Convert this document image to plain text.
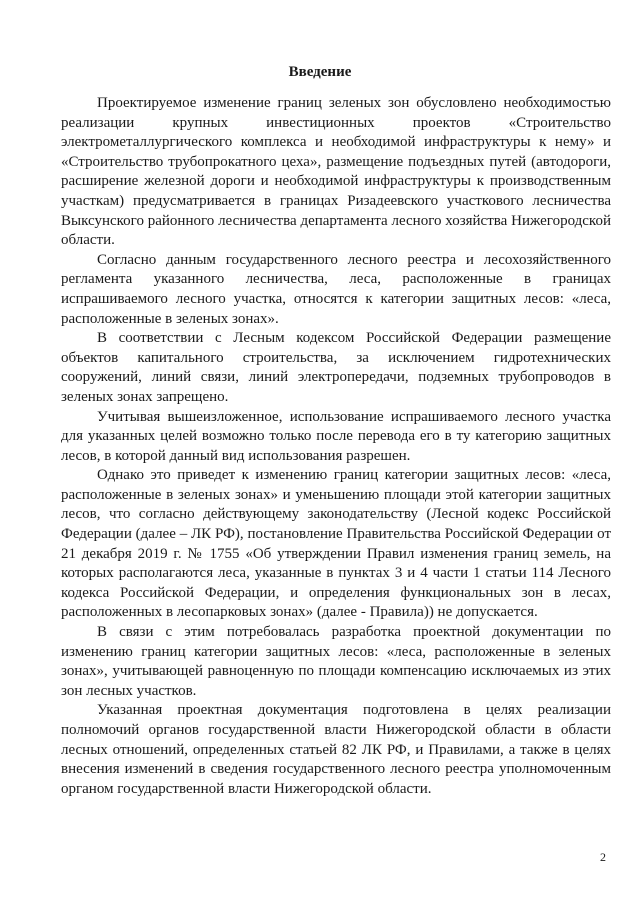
Введение

Проектируемое изменение границ зеленых зон обусловлено необходимостью реализации крупных инвестиционных проектов «Строительство электрометаллургического комплекса и необходимой инфраструктуры к нему» и «Строительство трубопрокатного цеха», размещение подъездных путей (автодороги, расширение железной дороги и необходимой инфраструктуры к производственным участкам) предусматривается в границах Ризадеевского участкового лесничества Выксунского районного лесничества департамента лесного хозяйства Нижегородской области.

Согласно данным государственного лесного реестра и лесохозяйственного регламента указанного лесничества, леса, расположенные в границах испрашиваемого лесного участка, относятся к категории защитных лесов: «леса, расположенные в зеленых зонах».

В соответствии с Лесным кодексом Российской Федерации размещение объектов капитального строительства, за исключением гидротехнических сооружений, линий связи, линий электропередачи, подземных трубопроводов в зеленых зонах запрещено.

Учитывая вышеизложенное, использование испрашиваемого лесного участка для указанных целей возможно только после перевода его в ту категорию защитных лесов, в которой данный вид использования разрешен.

Однако это приведет к изменению границ категории защитных лесов: «леса, расположенные в зеленых зонах» и уменьшению площади этой категории защитных лесов, что согласно действующему законодательству (Лесной кодекс Российской Федерации (далее – ЛК РФ), постановление Правительства Российской Федерации от 21 декабря 2019 г. № 1755 «Об утверждении Правил изменения границ земель, на которых располагаются леса, указанные в пунктах 3 и 4 части 1 статьи 114 Лесного кодекса Российской Федерации, и определения функциональных зон в лесах, расположенных в лесопарковых зонах» (далее - Правила)) не допускается.

В связи с этим потребовалась разработка проектной документации по изменению границ категории защитных лесов: «леса, расположенные в зеленых зонах», учитывающей равноценную по площади компенсацию исключаемых из этих зон лесных участков.

Указанная проектная документация подготовлена в целях реализации полномочий органов государственной власти Нижегородской области в области лесных отношений, определенных статьей 82 ЛК РФ, и Правилами, а также в целях внесения изменений в сведения государственного лесного реестра уполномоченным органом государственной власти Нижегородской области.

2
